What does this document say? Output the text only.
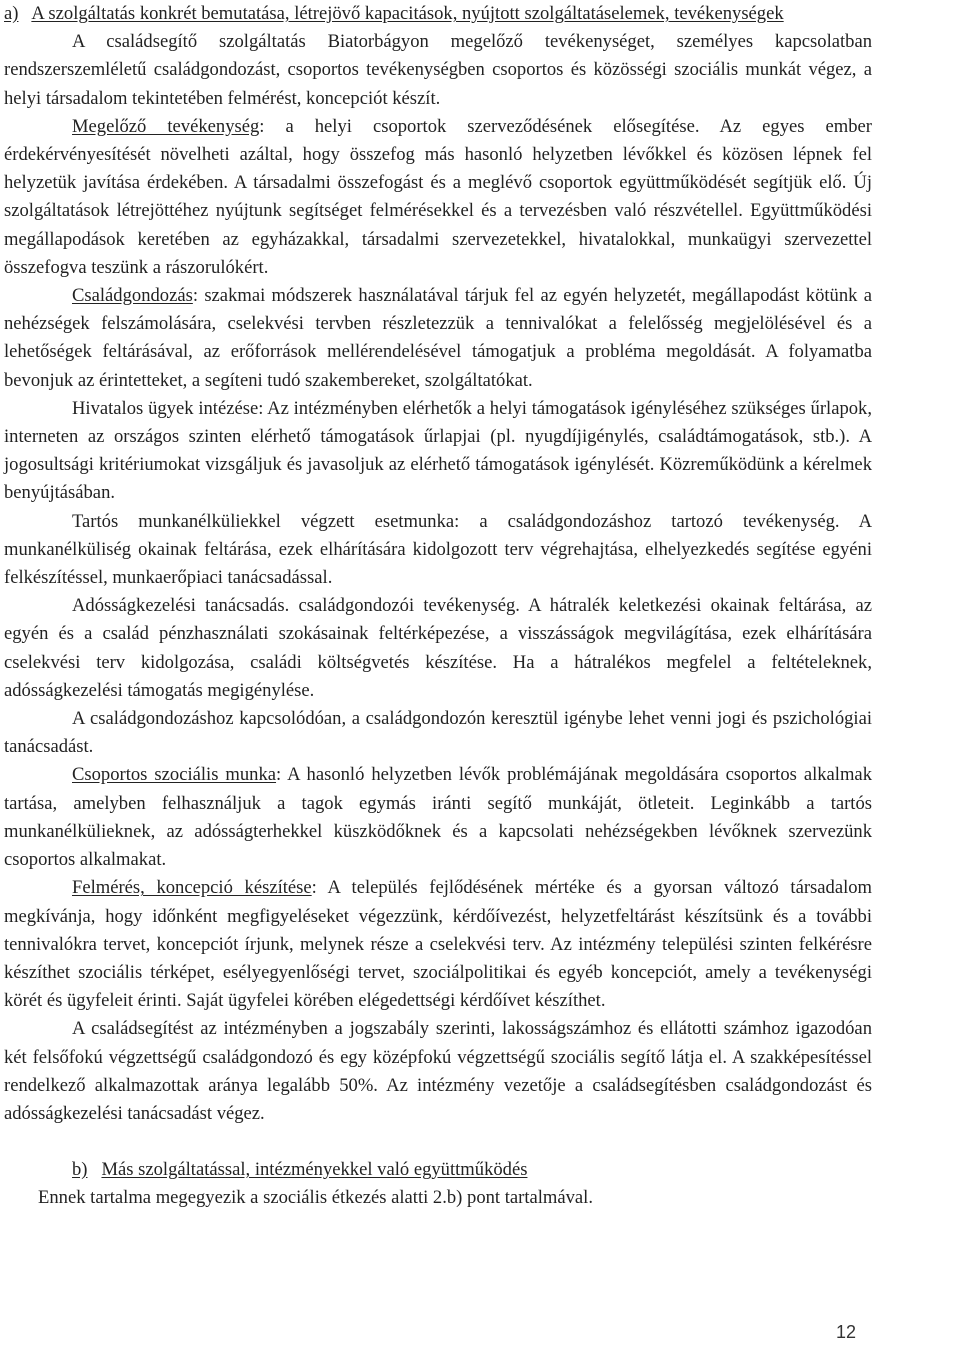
a) A szolgáltatás konkrét bemutatása, létrejövő kapacitások, nyújtott szolgáltatáselemek, tevékenységek

A családsegítő szolgáltatás Biatorbágyon megelőző tevékenységet, személyes kapcsolatban rendszerszemléletű családgondozást, csoportos tevékenységben csoportos és közösségi szociális munkát végez, a helyi társadalom tekintetében felmérést, koncepciót készít.

Megelőző tevékenység: a helyi csoportok szerveződésének elősegítése. Az egyes ember érdekérvényesítését növelheti azáltal, hogy összefog más hasonló helyzetben lévőkkel és közösen lépnek fel helyzetük javítása érdekében. A társadalmi összefogást és a meglévő csoportok együttműködését segítjük elő. Új szolgáltatások létrejöttéhez nyújtunk segítséget felmérésekkel és a tervezésben való részvétellel. Együttműködési megállapodások keretében az egyházakkal, társadalmi szervezetekkel, hivatalokkal, munkaügyi szervezettel összefogva teszünk a rászorulókért.

Családgondozás: szakmai módszerek használatával tárjuk fel az egyén helyzetét, megállapodást kötünk a nehézségek felszámolására, cselekvési tervben részletezzük a tennivalókat a felelősség megjelölésével és a lehetőségek feltárásával, az erőforrások mellérendelésével támogatjuk a probléma megoldását. A folyamatba bevonjuk az érintetteket, a segíteni tudó szakembereket, szolgáltatókat.

Hivatalos ügyek intézése: Az intézményben elérhetők a helyi támogatások igényléséhez szükséges űrlapok, interneten az országos szinten elérhető támogatások űrlapjai (pl. nyugdíjigénylés, családtámogatások, stb.). A jogosultsági kritériumokat vizsgáljuk és javasoljuk az elérhető támogatások igénylését. Közreműködünk a kérelmek benyújtásában.

Tartós munkanélküliekkel végzett esetmunka: a családgondozáshoz tartozó tevékenység. A munkanélküliség okainak feltárása, ezek elhárítására kidolgozott terv végrehajtása, elhelyezkedés segítése egyéni felkészítéssel, munkaerőpiaci tanácsadással.

Adósságkezelési tanácsadás. családgondozói tevékenység. A hátralék keletkezési okainak feltárása, az egyén és a család pénzhasználati szokásainak feltérképezése, a visszásságok megvilágítása, ezek elhárítására cselekvési terv kidolgozása, családi költségvetés készítése. Ha a hátralékos megfelel a feltételeknek, adósságkezelési támogatás megigénylése.

A családgondozáshoz kapcsolódóan, a családgondozón keresztül igénybe lehet venni jogi és pszichológiai tanácsadást.

Csoportos szociális munka: A hasonló helyzetben lévők problémájának megoldására csoportos alkalmak tartása, amelyben felhasználjuk a tagok egymás iránti segítő munkáját, ötleteit. Leginkább a tartós munkanélkülieknek, az adósságterhekkel küszködőknek és a kapcsolati nehézségekben lévőknek szervezünk csoportos alkalmakat.

Felmérés, koncepció készítése: A település fejlődésének mértéke és a gyorsan változó társadalom megkívánja, hogy időnként megfigyeléseket végezzünk, kérdőívezést, helyzetfeltárást készítsünk és a további tennivalókra tervet, koncepciót írjunk, melynek része a cselekvési terv. Az intézmény települési szinten felkérésre készíthet szociális térképet, esélyegyenlőségi tervet, szociálpolitikai és egyéb koncepciót, amely a tevékenységi körét és ügyfeleit érinti. Saját ügyfelei körében elégedettségi kérdőívet készíthet.

A családsegítést az intézményben a jogszabály szerinti, lakosságszámhoz és ellátotti számhoz igazodóan két felsőfokú végzettségű családgondozó és egy középfokú végzettségű szociális segítő látja el. A szakképesítéssel rendelkező alkalmazottak aránya legalább 50%. Az intézmény vezetője a családsegítésben családgondozást és adósságkezelési tanácsadást végez.

b) Más szolgáltatással, intézményekkel való együttműködés

Ennek tartalma megegyezik a szociális étkezés alatti 2.b) pont tartalmával.

12
